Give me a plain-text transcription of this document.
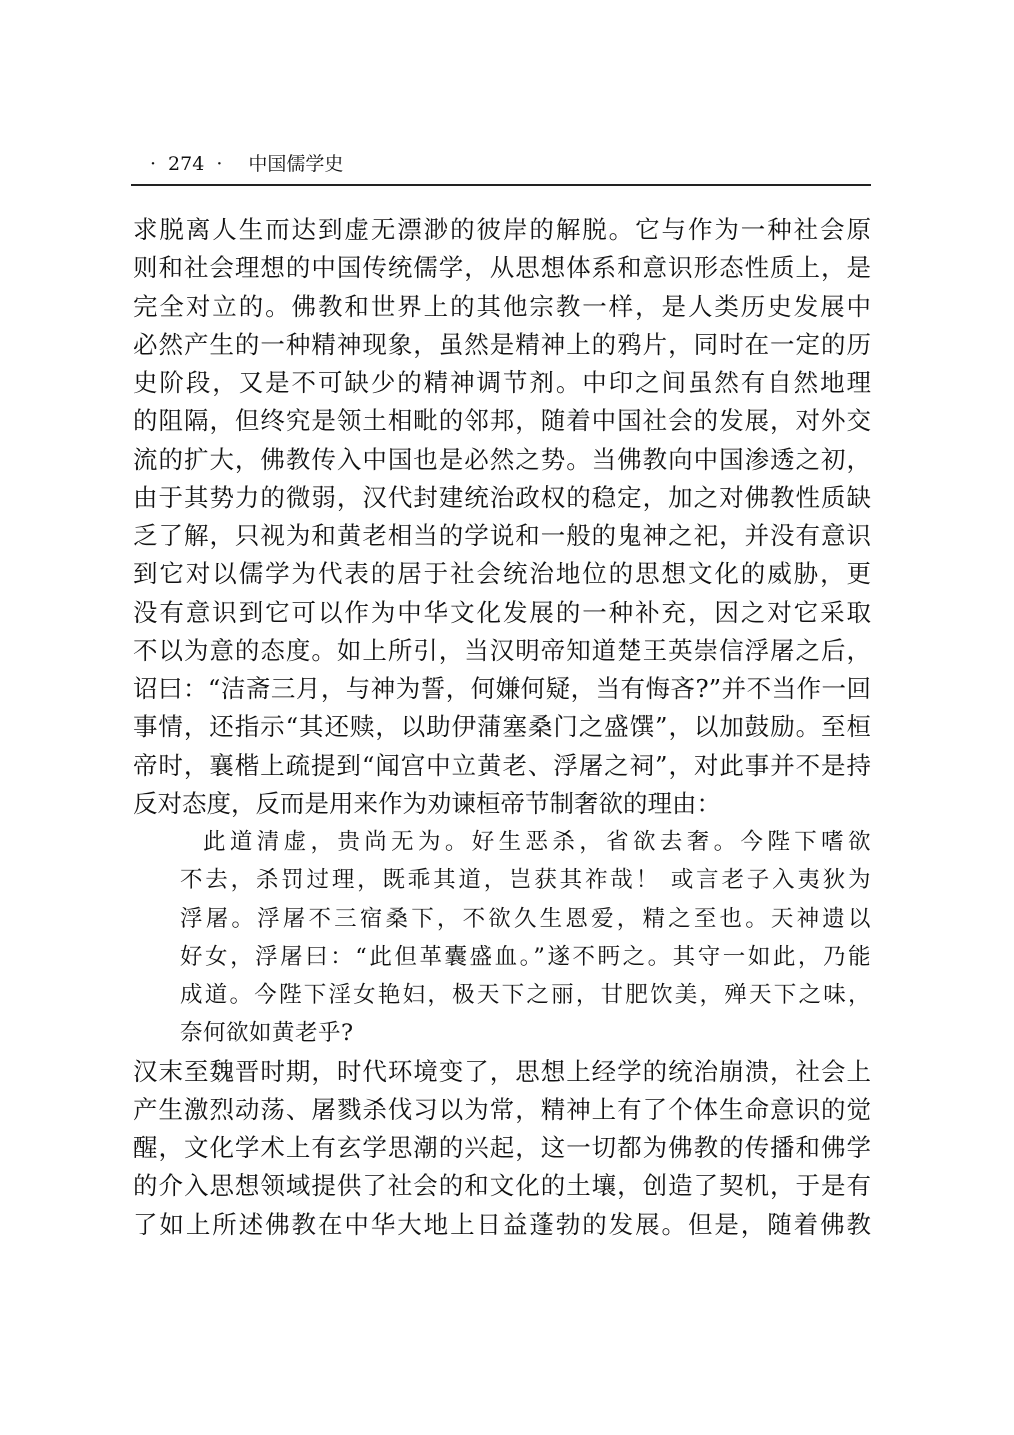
· 274 · 中国儒学史
求脱离人生而达到虚无漂渺的彼岸的解脱。它与作为一种社会原
则和社会理想的中国传统儒学，从思想体系和意识形态性质上，是
完全对立的。佛教和世界上的其他宗教一样，是人类历史发展中
必然产生的一种精神现象，虽然是精神上的鸦片，同时在一定的历
史阶段，又是不可缺少的精神调节剂。中印之间虽然有自然地理
的阻隔，但终究是领土相毗的邻邦，随着中国社会的发展，对外交
流的扩大，佛教传入中国也是必然之势。当佛教向中国渗透之初，
由于其势力的微弱，汉代封建统治政权的稳定，加之对佛教性质缺
乏了解，只视为和黄老相当的学说和一般的鬼神之祀，并没有意识
到它对以儒学为代表的居于社会统治地位的思想文化的威胁，更
没有意识到它可以作为中华文化发展的一种补充，因之对它采取
不以为意的态度。如上所引，当汉明帝知道楚王英崇信浮屠之后，
诏曰：“洁斋三月，与神为誓，何嫌何疑，当有悔吝?”并不当作一回
事情，还指示“其还赎，以助伊蒲塞桑门之盛馔”，以加鼓励。至桓
帝时，襄楷上疏提到“闻宫中立黄老、浮屠之祠”，对此事并不是持
反对态度，反而是用来作为劝谏桓帝节制奢欲的理由：
此道清虚，贵尚无为。好生恶杀，省欲去奢。今陛下嗜欲
不去，杀罚过理，既乖其道，岂获其祚哉！ 或言老子入夷狄为
浮屠。浮屠不三宿桑下，不欲久生恩爱，精之至也。天神遗以
好女，浮屠曰：“此但革囊盛血。”遂不眄之。其守一如此，乃能
成道。今陛下淫女艳妇，极天下之丽，甘肥饮美，殚天下之味，
奈何欲如黄老乎?
汉末至魏晋时期，时代环境变了，思想上经学的统治崩溃，社会上
产生激烈动荡、屠戮杀伐习以为常，精神上有了个体生命意识的觉
醒，文化学术上有玄学思潮的兴起，这一切都为佛教的传播和佛学
的介入思想领域提供了社会的和文化的土壤，创造了契机，于是有
了如上所述佛教在中华大地上日益蓬勃的发展。但是，随着佛教
